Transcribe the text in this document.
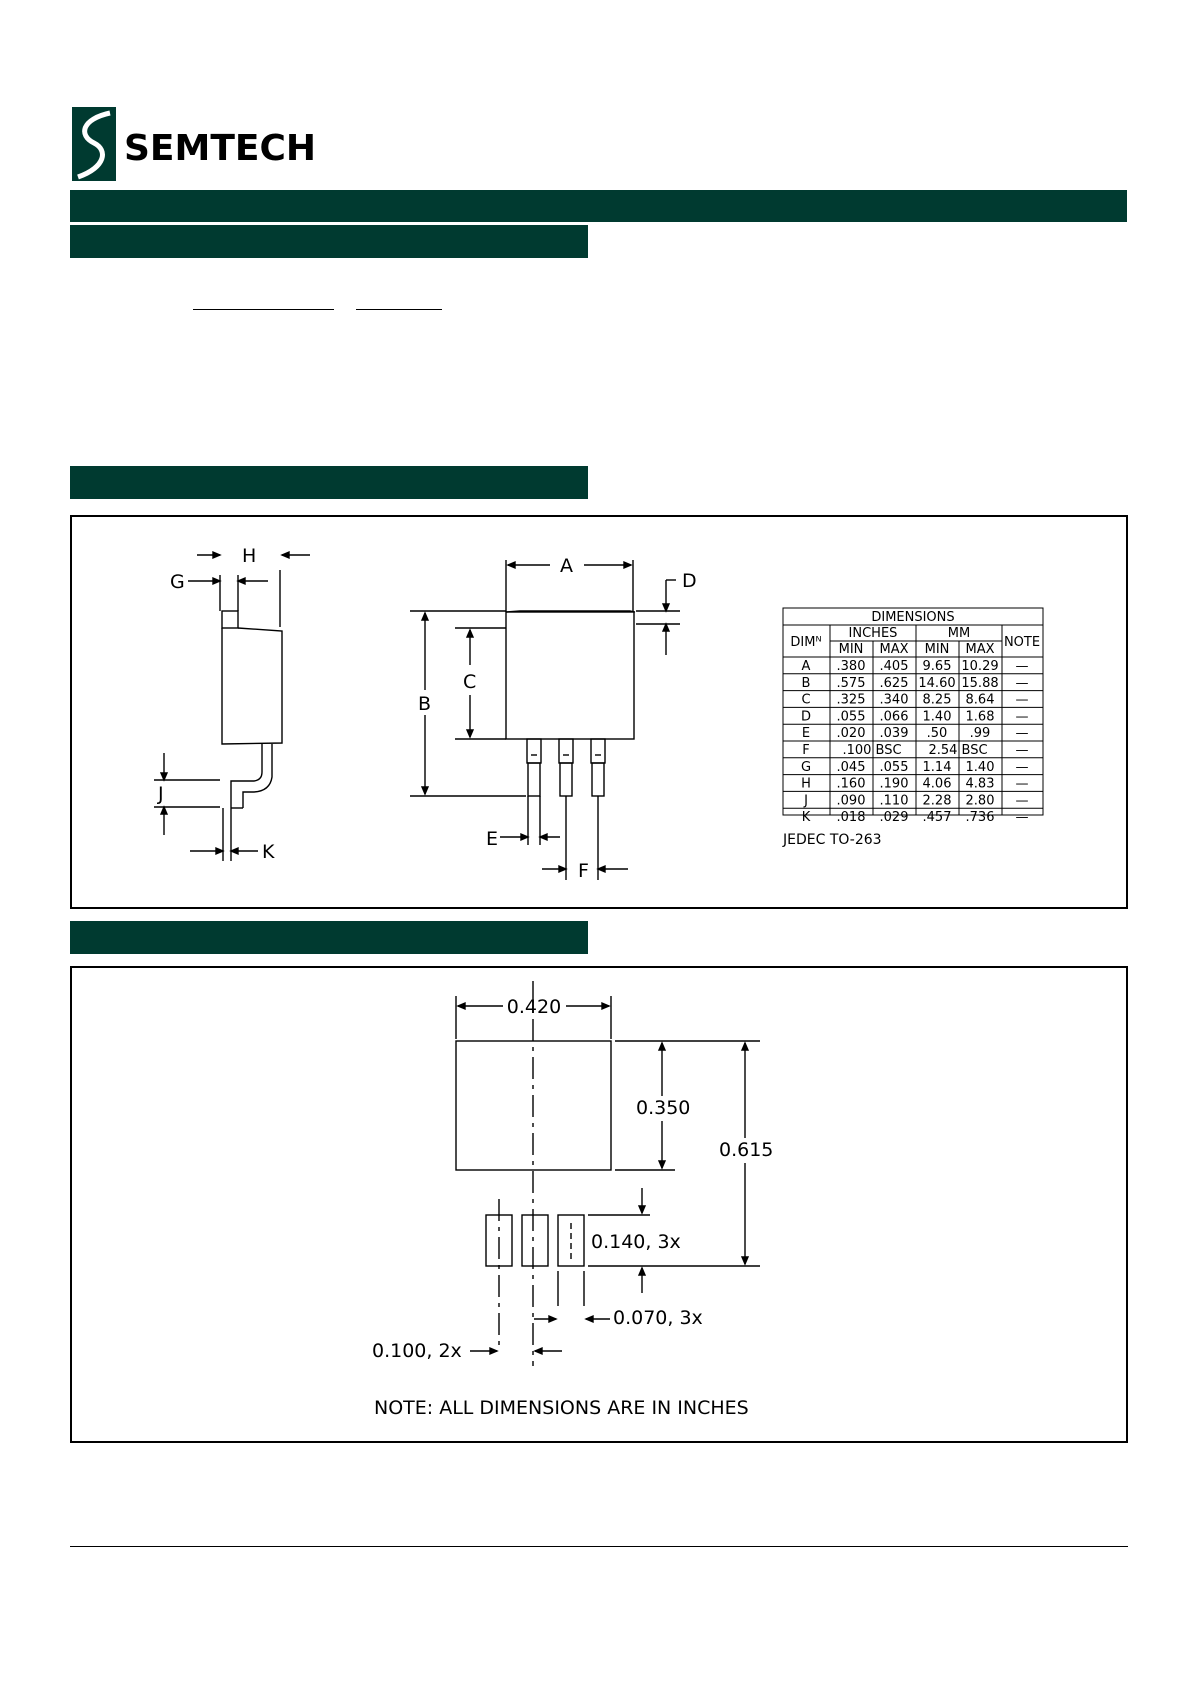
SEMTECH
H
G
J
K
A
D
B
C
E
F
DIMENSIONS
DIMᴺ
INCHES	MM
NOTE
MIN MAX MIN MAX
A .380 .405 9.65 10.29 —
B .575 .625 14.60 15.88 —
C .325 .340 8.25 8.64 —
D .055 .066 1.40 1.68 —
E .020 .039 .50 .99 —
F	.100 BSC 2.54 BSC —
G .045 .055 1.14 1.40 —
H .160 .190 4.06 4.83 —
J .090 .110 2.28 2.80 —
K .018 .029 .457 .736 —
JEDEC TO-263
0.420
0.350
0.615
0.140, 3x
0.070, 3x
0.100, 2x
NOTE: ALL DIMENSIONS ARE IN INCHES
